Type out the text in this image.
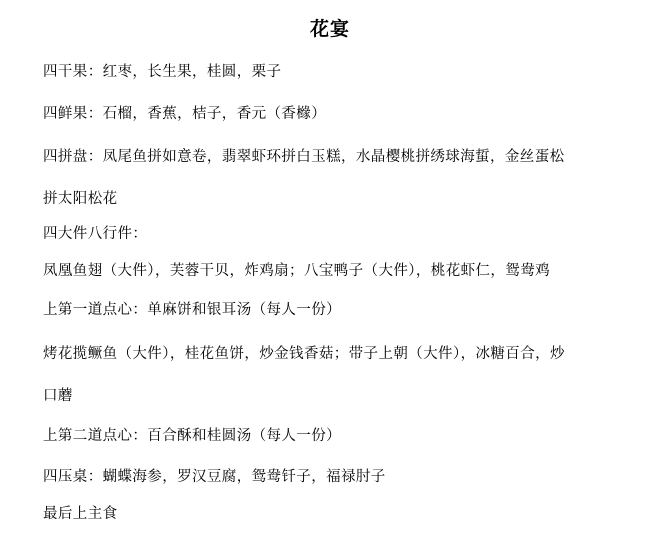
花宴
四干果：红枣，长生果，桂圆，栗子
四鲜果：石榴，香蕉，桔子，香元（香橼）
四拼盘：凤尾鱼拼如意卷，翡翠虾环拼白玉糕，水晶樱桃拼绣球海蜇，金丝蛋松
拼太阳松花
四大件八行件：
凤凰鱼翅（大件），芙蓉干贝，炸鸡扇；八宝鸭子（大件），桃花虾仁，鸳鸯鸡
上第一道点心：单麻饼和银耳汤（每人一份）
烤花揽鳜鱼（大件），桂花鱼饼，炒金钱香菇；带子上朝（大件），冰糖百合，炒
口蘑
上第二道点心：百合酥和桂圆汤（每人一份）
四压桌：蝴蝶海参，罗汉豆腐，鸳鸯钎子，福禄肘子
最后上主食
